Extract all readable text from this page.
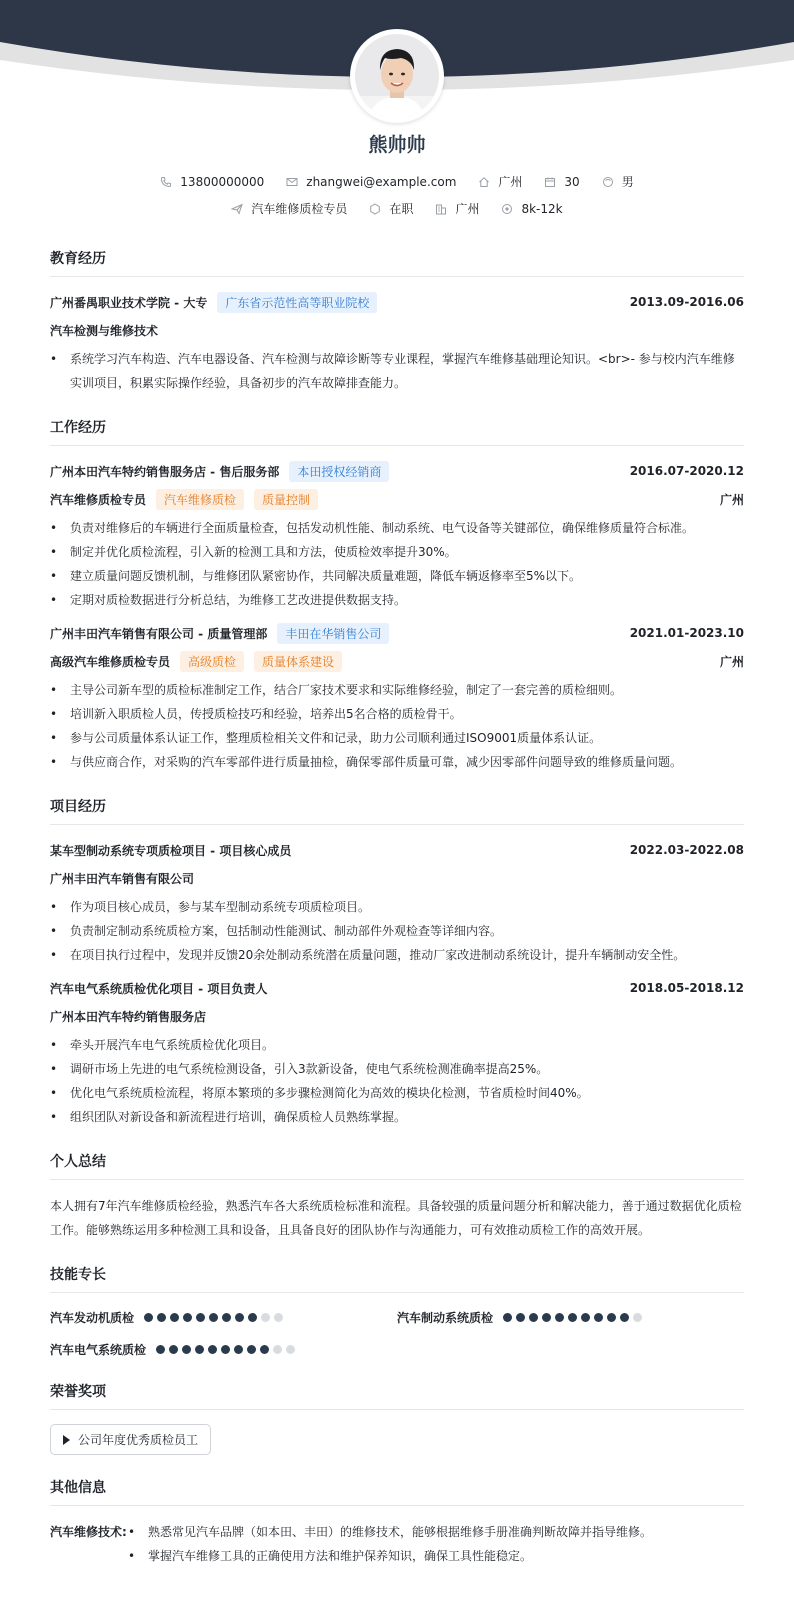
熊帅帅
13800000000	zhangwei@example.com	广州	30	男
汽车维修质检专员	在职	广州	8k-12k
教育经历
广州番禺职业技术学院 - 大专	广东省示范性高等职业院校	2013.09-2016.06
汽车检测与维修技术
• 系统学习汽车构造、汽车电器设备、汽车检测与故障诊断等专业课程，掌握汽车维修基础理论知识。<br>- 参与校内汽车维修实训项目，积累实际操作经验，具备初步的汽车故障排查能力。
工作经历
广州本田汽车特约销售服务店 - 售后服务部	本田授权经销商	2016.07-2020.12
汽车维修质检专员	汽车维修质检	质量控制	广州
• 负责对维修后的车辆进行全面质量检查，包括发动机性能、制动系统、电气设备等关键部位，确保维修质量符合标准。
• 制定并优化质检流程，引入新的检测工具和方法，使质检效率提升30%。
• 建立质量问题反馈机制，与维修团队紧密协作，共同解决质量难题，降低车辆返修率至5%以下。
• 定期对质检数据进行分析总结，为维修工艺改进提供数据支持。
广州丰田汽车销售有限公司 - 质量管理部	丰田在华销售公司	2021.01-2023.10
高级汽车维修质检专员	高级质检	质量体系建设	广州
• 主导公司新车型的质检标准制定工作，结合厂家技术要求和实际维修经验，制定了一套完善的质检细则。
• 培训新入职质检人员，传授质检技巧和经验，培养出5名合格的质检骨干。
• 参与公司质量体系认证工作，整理质检相关文件和记录，助力公司顺利通过ISO9001质量体系认证。
• 与供应商合作，对采购的汽车零部件进行质量抽检，确保零部件质量可靠，减少因零部件问题导致的维修质量问题。
项目经历
某车型制动系统专项质检项目 - 项目核心成员	2022.03-2022.08
广州丰田汽车销售有限公司
• 作为项目核心成员，参与某车型制动系统专项质检项目。
• 负责制定制动系统质检方案，包括制动性能测试、制动部件外观检查等详细内容。
• 在项目执行过程中，发现并反馈20余处制动系统潜在质量问题，推动厂家改进制动系统设计，提升车辆制动安全性。
汽车电气系统质检优化项目 - 项目负责人	2018.05-2018.12
广州本田汽车特约销售服务店
• 牵头开展汽车电气系统质检优化项目。
• 调研市场上先进的电气系统检测设备，引入3款新设备，使电气系统检测准确率提高25%。
• 优化电气系统质检流程，将原本繁琐的多步骤检测简化为高效的模块化检测，节省质检时间40%。
• 组织团队对新设备和新流程进行培训，确保质检人员熟练掌握。
个人总结
本人拥有7年汽车维修质检经验，熟悉汽车各大系统质检标准和流程。具备较强的质量问题分析和解决能力，善于通过数据优化质检工作。能够熟练运用多种检测工具和设备，且具备良好的团队协作与沟通能力，可有效推动质检工作的高效开展。
技能专长
汽车发动机质检	汽车制动系统质检
汽车电气系统质检
荣誉奖项
公司年度优秀质检员工
其他信息
汽车维修技术:
•	熟悉常见汽车品牌（如本田、丰田）的维修技术，能够根据维修手册准确判断故障并指导维修。
• 掌握汽车维修工具的正确使用方法和维护保养知识，确保工具性能稳定。
